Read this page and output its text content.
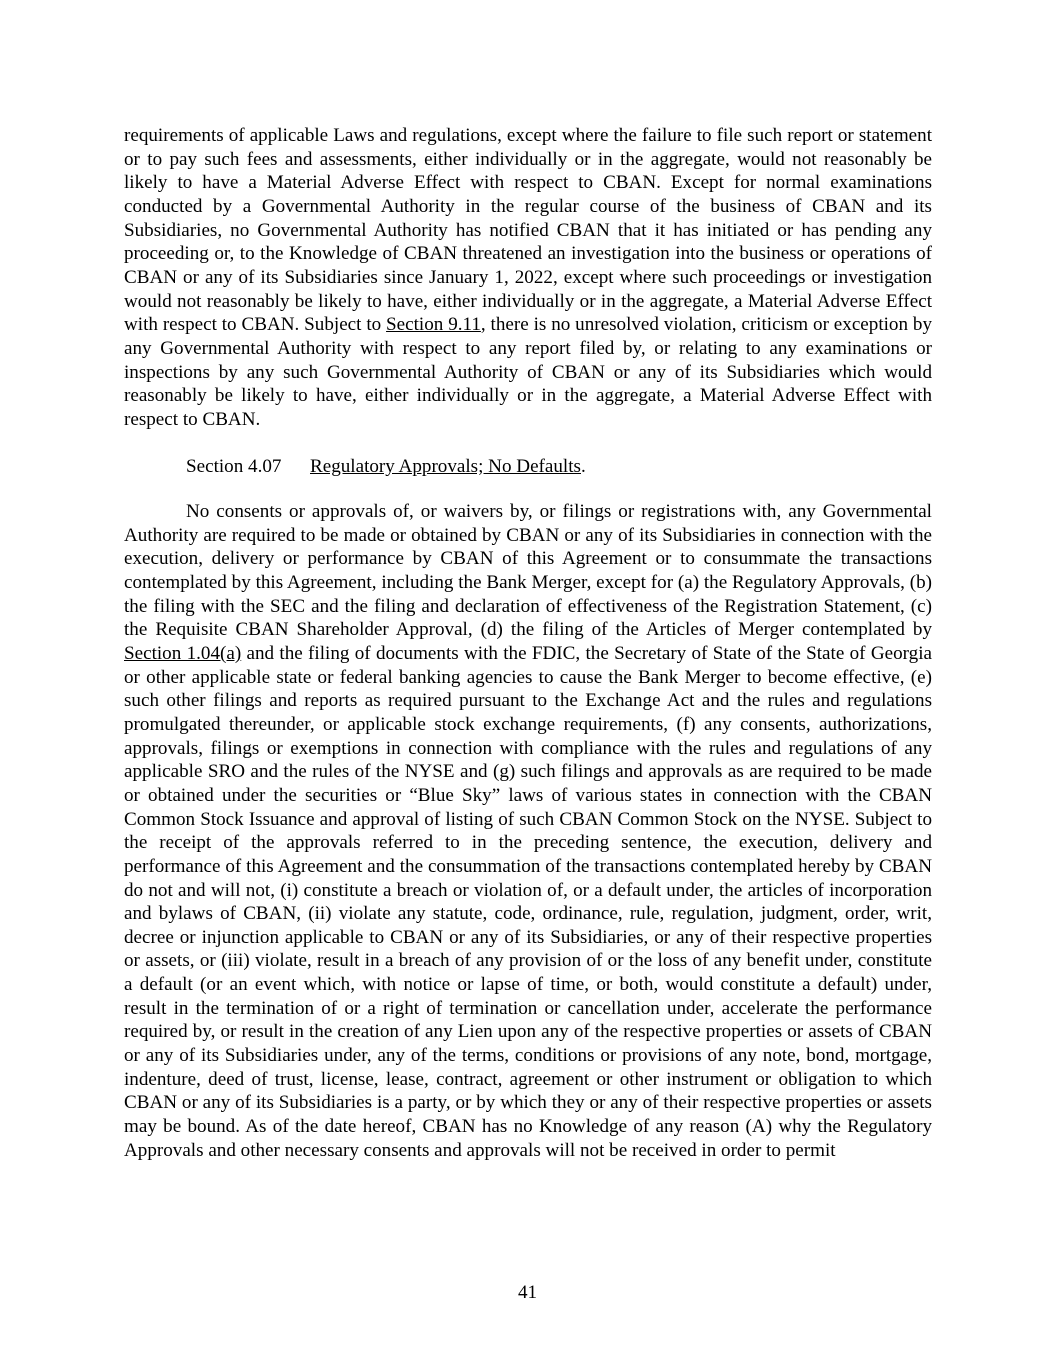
requirements of applicable Laws and regulations, except where the failure to file such report or statement or to pay such fees and assessments, either individually or in the aggregate, would not reasonably be likely to have a Material Adverse Effect with respect to CBAN. Except for normal examinations conducted by a Governmental Authority in the regular course of the business of CBAN and its Subsidiaries, no Governmental Authority has notified CBAN that it has initiated or has pending any proceeding or, to the Knowledge of CBAN threatened an investigation into the business or operations of CBAN or any of its Subsidiaries since January 1, 2022, except where such proceedings or investigation would not reasonably be likely to have, either individually or in the aggregate, a Material Adverse Effect with respect to CBAN. Subject to Section 9.11, there is no unresolved violation, criticism or exception by any Governmental Authority with respect to any report filed by, or relating to any examinations or inspections by any such Governmental Authority of CBAN or any of its Subsidiaries which would reasonably be likely to have, either individually or in the aggregate, a Material Adverse Effect with respect to CBAN.

Section 4.07 Regulatory Approvals; No Defaults.

No consents or approvals of, or waivers by, or filings or registrations with, any Governmental Authority are required to be made or obtained by CBAN or any of its Subsidiaries in connection with the execution, delivery or performance by CBAN of this Agreement or to consummate the transactions contemplated by this Agreement, including the Bank Merger, except for (a) the Regulatory Approvals, (b) the filing with the SEC and the filing and declaration of effectiveness of the Registration Statement, (c) the Requisite CBAN Shareholder Approval, (d) the filing of the Articles of Merger contemplated by Section 1.04(a) and the filing of documents with the FDIC, the Secretary of State of the State of Georgia or other applicable state or federal banking agencies to cause the Bank Merger to become effective, (e) such other filings and reports as required pursuant to the Exchange Act and the rules and regulations promulgated thereunder, or applicable stock exchange requirements, (f) any consents, authorizations, approvals, filings or exemptions in connection with compliance with the rules and regulations of any applicable SRO and the rules of the NYSE and (g) such filings and approvals as are required to be made or obtained under the securities or “Blue Sky” laws of various states in connection with the CBAN Common Stock Issuance and approval of listing of such CBAN Common Stock on the NYSE. Subject to the receipt of the approvals referred to in the preceding sentence, the execution, delivery and performance of this Agreement and the consummation of the transactions contemplated hereby by CBAN do not and will not, (i) constitute a breach or violation of, or a default under, the articles of incorporation and bylaws of CBAN, (ii) violate any statute, code, ordinance, rule, regulation, judgment, order, writ, decree or injunction applicable to CBAN or any of its Subsidiaries, or any of their respective properties or assets, or (iii) violate, result in a breach of any provision of or the loss of any benefit under, constitute a default (or an event which, with notice or lapse of time, or both, would constitute a default) under, result in the termination of or a right of termination or cancellation under, accelerate the performance required by, or result in the creation of any Lien upon any of the respective properties or assets of CBAN or any of its Subsidiaries under, any of the terms, conditions or provisions of any note, bond, mortgage, indenture, deed of trust, license, lease, contract, agreement or other instrument or obligation to which CBAN or any of its Subsidiaries is a party, or by which they or any of their respective properties or assets may be bound. As of the date hereof, CBAN has no Knowledge of any reason (A) why the Regulatory Approvals and other necessary consents and approvals will not be received in order to permit

41
